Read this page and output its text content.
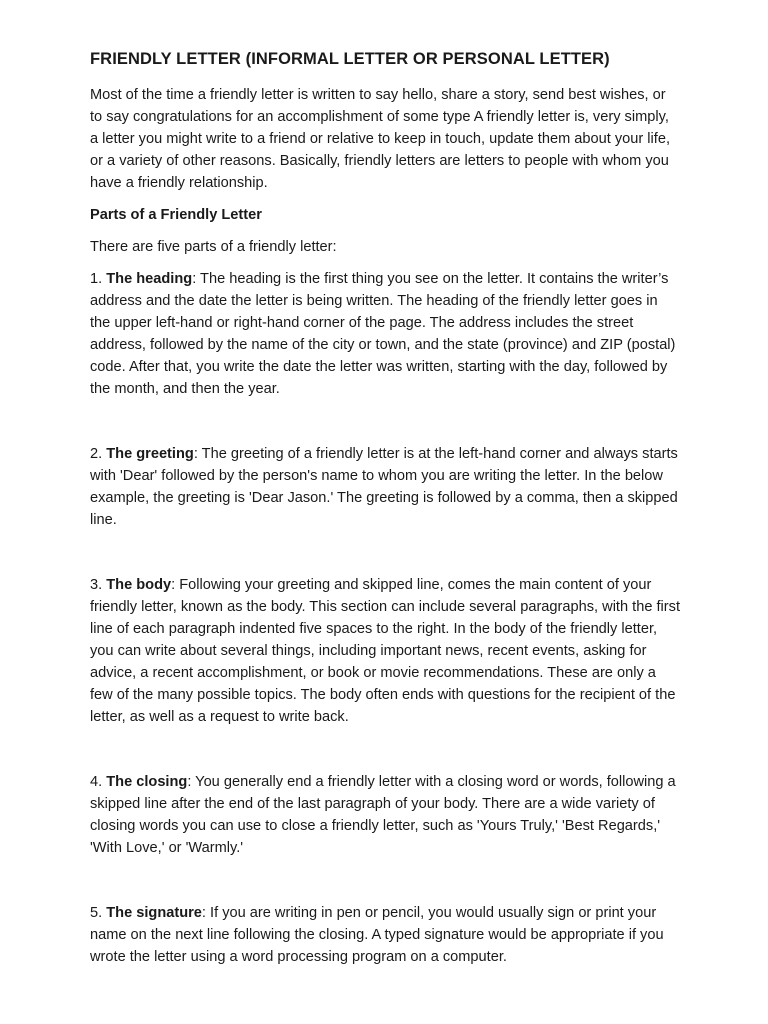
FRIENDLY LETTER (INFORMAL LETTER OR PERSONAL LETTER)

Most of the time a friendly letter is written to say hello, share a story, send best wishes, or to say congratulations for an accomplishment of some type A friendly letter is, very simply, a letter you might write to a friend or relative to keep in touch, update them about your life, or a variety of other reasons. Basically, friendly letters are letters to people with whom you have a friendly relationship.

Parts of a Friendly Letter

There are five parts of a friendly letter:

1. The heading: The heading is the first thing you see on the letter. It contains the writer’s address and the date the letter is being written. The heading of the friendly letter goes in the upper left-hand or right-hand corner of the page. The address includes the street address, followed by the name of the city or town, and the state (province) and ZIP (postal) code. After that, you write the date the letter was written, starting with the day, followed by the month, and then the year.

2. The greeting: The greeting of a friendly letter is at the left-hand corner and always starts with 'Dear' followed by the person's name to whom you are writing the letter. In the below example, the greeting is 'Dear Jason.' The greeting is followed by a comma, then a skipped line.

3. The body: Following your greeting and skipped line, comes the main content of your friendly letter, known as the body. This section can include several paragraphs, with the first line of each paragraph indented five spaces to the right. In the body of the friendly letter, you can write about several things, including important news, recent events, asking for advice, a recent accomplishment, or book or movie recommendations. These are only a few of the many possible topics. The body often ends with questions for the recipient of the letter, as well as a request to write back.

4. The closing: You generally end a friendly letter with a closing word or words, following a skipped line after the end of the last paragraph of your body. There are a wide variety of closing words you can use to close a friendly letter, such as 'Yours Truly,' 'Best Regards,' 'With Love,' or 'Warmly.'

5. The signature: If you are writing in pen or pencil, you would usually sign or print your name on the next line following the closing. A typed signature would be appropriate if you wrote the letter using a word processing program on a computer.
